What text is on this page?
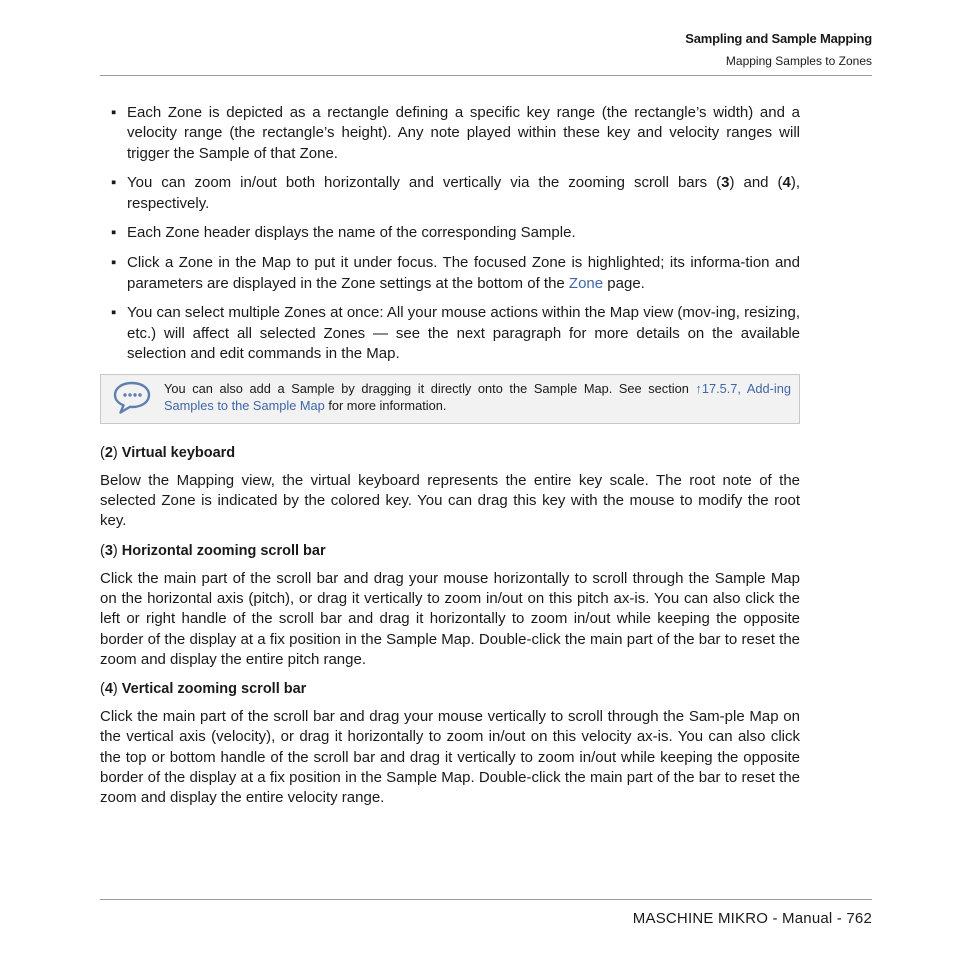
Sampling and Sample Mapping
Mapping Samples to Zones
▪ Each Zone is depicted as a rectangle defining a specific key range (the rectangle’s width) and a velocity range (the rectangle’s height). Any note played within these key and velocity ranges will trigger the Sample of that Zone.
▪ You can zoom in/out both horizontally and vertically via the zooming scroll bars (3) and (4), respectively.
▪ Each Zone header displays the name of the corresponding Sample.
▪ Click a Zone in the Map to put it under focus. The focused Zone is highlighted; its informa-tion and parameters are displayed in the Zone settings at the bottom of the Zone page.
▪ You can select multiple Zones at once: All your mouse actions within the Map view (mov-ing, resizing, etc.) will affect all selected Zones — see the next paragraph for more details on the available selection and edit commands in the Map.
You can also add a Sample by dragging it directly onto the Sample Map. See section ↑17.5.7, Add-ing Samples to the Sample Map for more information.
(2) Virtual keyboard

Below the Mapping view, the virtual keyboard represents the entire key scale. The root note of the selected Zone is indicated by the colored key. You can drag this key with the mouse to modify the root key.

(3) Horizontal zooming scroll bar

Click the main part of the scroll bar and drag your mouse horizontally to scroll through the Sample Map on the horizontal axis (pitch), or drag it vertically to zoom in/out on this pitch ax-is. You can also click the left or right handle of the scroll bar and drag it horizontally to zoom in/out while keeping the opposite border of the display at a fix position in the Sample Map. Double-click the main part of the bar to reset the zoom and display the entire pitch range.

(4) Vertical zooming scroll bar

Click the main part of the scroll bar and drag your mouse vertically to scroll through the Sam-ple Map on the vertical axis (velocity), or drag it horizontally to zoom in/out on this velocity ax-is. You can also click the top or bottom handle of the scroll bar and drag it vertically to zoom in/out while keeping the opposite border of the display at a fix position in the Sample Map. Double-click the main part of the bar to reset the zoom and display the entire velocity range.

MASCHINE MIKRO - Manual - 762
